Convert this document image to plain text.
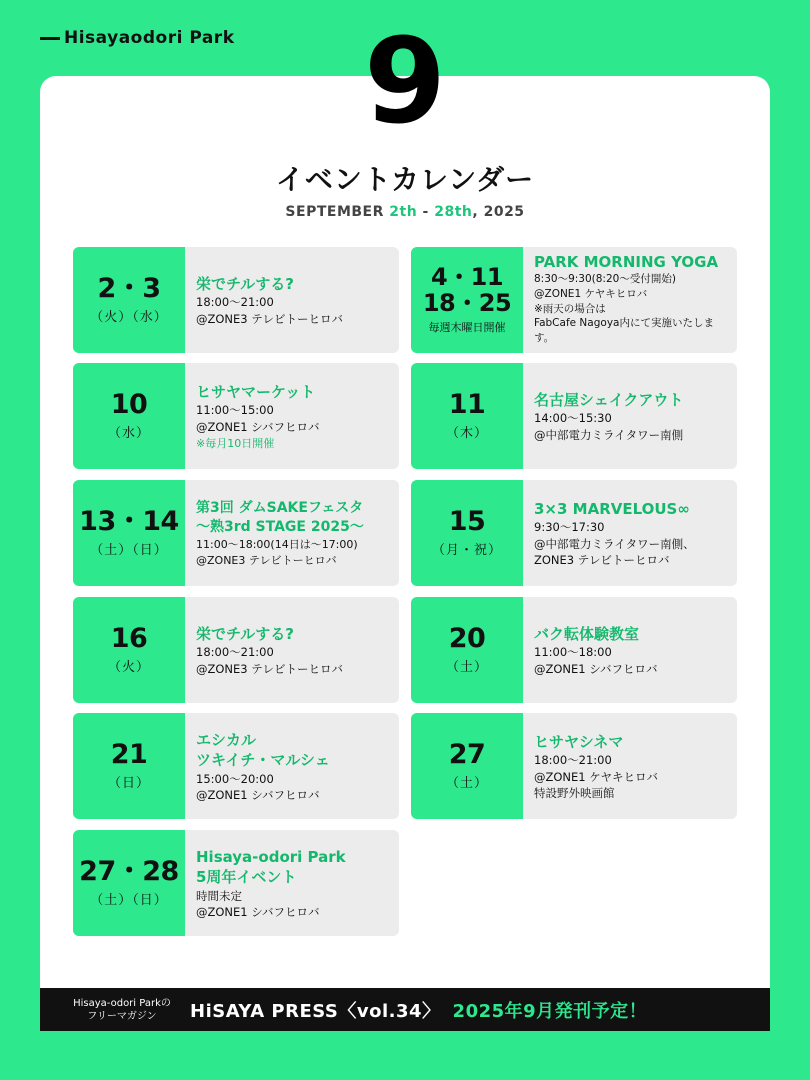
Hisayaodori Park	9
イベントカレンダー
SEPTEMBER 2th - 28th, 2025
2・3
（火）（水）
栄でチルする?
18:00〜21:00
@ZONE3 テレビトーヒロバ
4・11
18・25
毎週木曜日開催
PARK MORNING YOGA
8:30〜9:30(8:20〜受付開始)
@ZONE1 ケヤキヒロバ
※雨天の場合は
FabCafe Nagoya内にて実施いたします。
10
（水）
ヒサヤマーケット
11:00〜15:00
@ZONE1 シバフヒロバ
※毎月10日開催
11
（木）
名古屋シェイクアウト
14:00〜15:30
@中部電力ミライタワー南側
13・14
（土）（日）
第3回 ダムSAKEフェスタ
〜熟3rd STAGE 2025〜
11:00〜18:00(14日は〜17:00)
@ZONE3 テレビトーヒロバ
15
（月・祝）
3×3 MARVELOUS∞
9:30〜17:30
@中部電力ミライタワー南側、
ZONE3 テレビトーヒロバ
16
（火）
栄でチルする?
18:00〜21:00
@ZONE3 テレビトーヒロバ
20
（土）
バク転体験教室
11:00〜18:00
@ZONE1 シバフヒロバ
21
（日）
エシカル
ツキイチ・マルシェ
15:00〜20:00
@ZONE1 シバフヒロバ
27
（土）
ヒサヤシネマ
18:00〜21:00
@ZONE1 ケヤキヒロバ
特設野外映画館
27・28
（土）（日）
Hisaya-odori Park
5周年イベント
時間未定
@ZONE1 シバフヒロバ
Hisaya-odori Parkの
フリーマガジン	HiSAYA PRESS〈vol.34〉 2025年9月発刊予定！
